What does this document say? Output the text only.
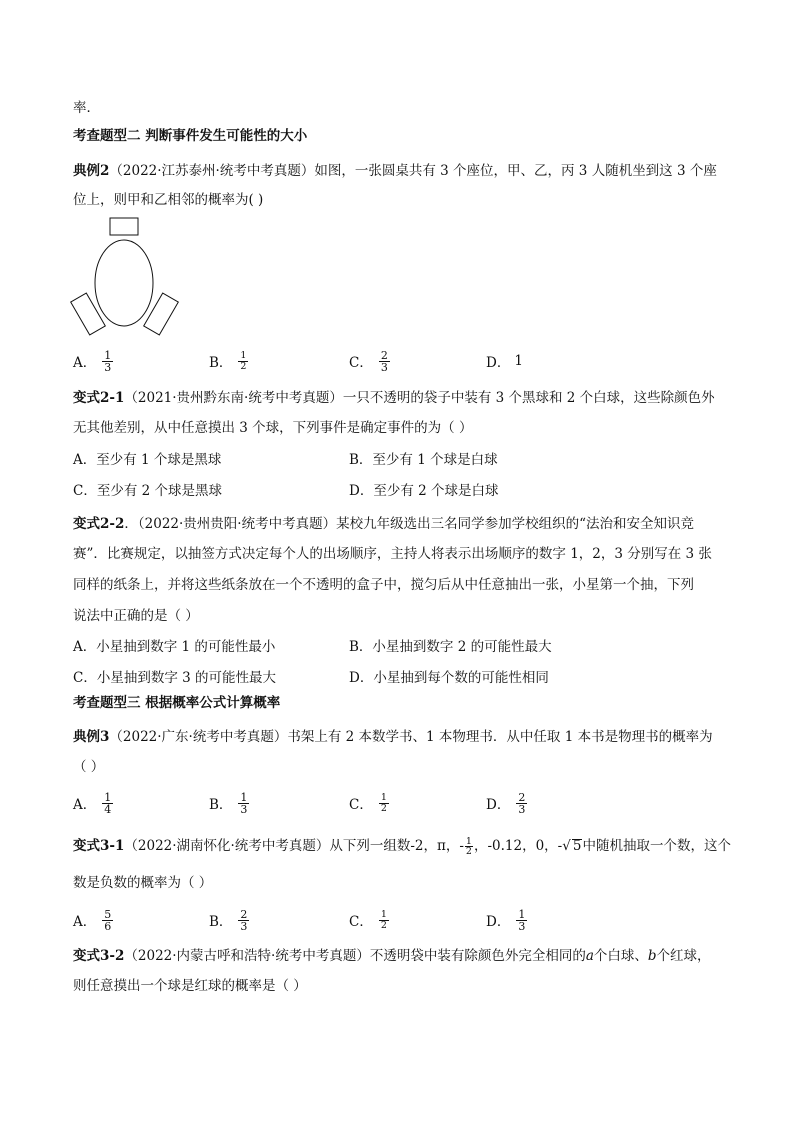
率．
考查题型二 判断事件发生可能性的大小
典例2（2022·江苏泰州·统考中考真题）如图，一张圆桌共有 3 个座位，甲、乙，丙 3 人随机坐到这 3 个座
位上，则甲和乙相邻的概率为( )
A． $\frac{1}{3}$	B． $\frac{1}{2}$	C． $\frac{2}{3}$	D． 1
变式2-1（2021·贵州黔东南·统考中考真题）一只不透明的袋子中装有 3 个黑球和 2 个白球，这些除颜色外
无其他差别，从中任意摸出 3 个球，下列事件是确定事件的为（ ）
A．至少有 1 个球是黑球	B．至少有 1 个球是白球
C．至少有 2 个球是黑球	D．至少有 2 个球是白球
变式2-2．（2022·贵州贵阳·统考中考真题）某校九年级选出三名同学参加学校组织的“法治和安全知识竞
赛”．比赛规定，以抽签方式决定每个人的出场顺序，主持人将表示出场顺序的数字 1，2，3 分别写在 3 张
同样的纸条上，并将这些纸条放在一个不透明的盒子中，搅匀后从中任意抽出一张，小星第一个抽，下列
说法中正确的是（ ）
A．小星抽到数字 1 的可能性最小	B．小星抽到数字 2 的可能性最大
C．小星抽到数字 3 的可能性最大	D．小星抽到每个数的可能性相同
考查题型三 根据概率公式计算概率
典例3（2022·广东·统考中考真题）书架上有 2 本数学书、1 本物理书．从中任取 1 本书是物理书的概率为
（ ）
A． $\frac{1}{4}$	B． $\frac{1}{3}$	C． $\frac{1}{2}$	D． $\frac{2}{3}$
变式3-1（2022·湖南怀化·统考中考真题）从下列一组数-2，π，- $\frac{1}{2}$ ，-0.12，0，-√ 5中随机抽取一个数，这个
数是负数的概率为（ ）
A． $\frac{5}{6}$	B． $\frac{2}{3}$	C． $\frac{1}{2}$	D． $\frac{1}{3}$
变式3-2（2022·内蒙古呼和浩特·统考中考真题）不透明袋中装有除颜色外完全相同的a个白球、b个红球，
则任意摸出一个球是红球的概率是（ ）
